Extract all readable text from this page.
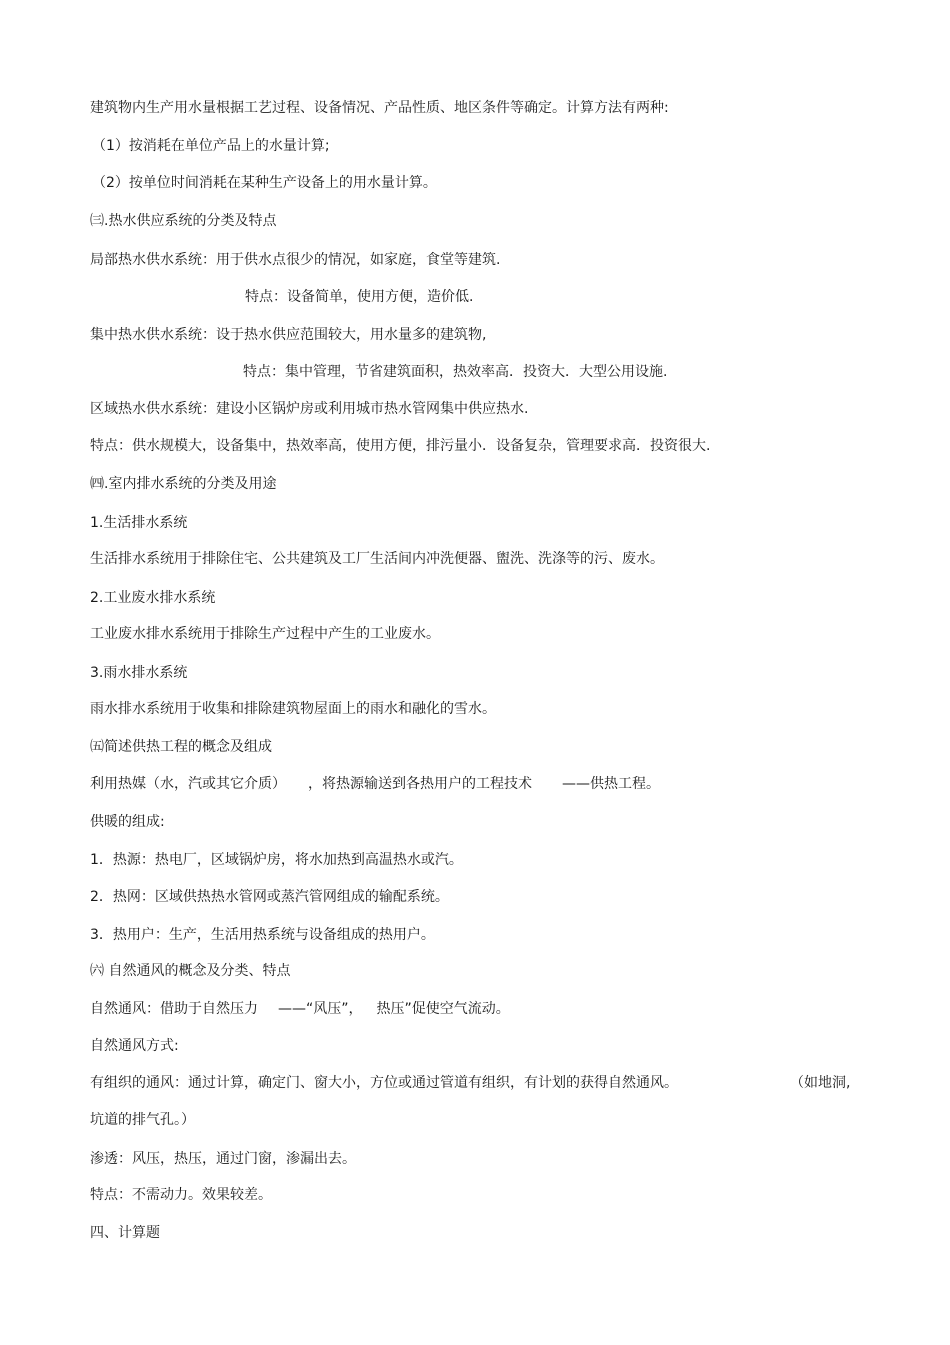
建筑物内生产用水量根据工艺过程、设备情况、产品性质、地区条件等确定。计算方法有两种:
（1）按消耗在单位产品上的水量计算;
（2）按单位时间消耗在某种生产设备上的用水量计算。
㈢.热水供应系统的分类及特点
局部热水供水系统：用于供水点很少的情况，如家庭，食堂等建筑.
特点：设备简单，使用方便，造价低.
集中热水供水系统：设于热水供应范围较大，用水量多的建筑物,
特点：集中管理，节省建筑面积，热效率高．投资大．大型公用设施.
区域热水供水系统：建设小区锅炉房或利用城市热水管网集中供应热水.
特点：供水规模大，设备集中，热效率高，使用方便，排污量小．设备复杂，管理要求高．投资很大.
㈣.室内排水系统的分类及用途
1.生活排水系统
生活排水系统用于排除住宅、公共建筑及工厂生活间内冲洗便器、盥洗、洗涤等的污、废水。
2.工业废水排水系统
工业废水排水系统用于排除生产过程中产生的工业废水。
3.雨水排水系统
雨水排水系统用于收集和排除建筑物屋面上的雨水和融化的雪水。
㈤简述供热工程的概念及组成
利用热媒（水，汽或其它介质） ，将热源输送到各热用户的工程技术 ——供热工程。
供暖的组成:
1．热源：热电厂，区域锅炉房，将水加热到高温热水或汽。
2．热网：区域供热热水管网或蒸汽管网组成的输配系统。
3．热用户：生产，生活用热系统与设备组成的热用户。
㈥ 自然通风的概念及分类、特点
自然通风：借助于自然压力 ——“风压”， 热压”促使空气流动。
自然通风方式:
有组织的通风：通过计算，确定门、窗大小，方位或通过管道有组织，有计划的获得自然通风。	（如地洞,
坑道的排气孔。）
渗透：风压，热压，通过门窗，渗漏出去。
特点：不需动力。效果较差。
四、计算题
